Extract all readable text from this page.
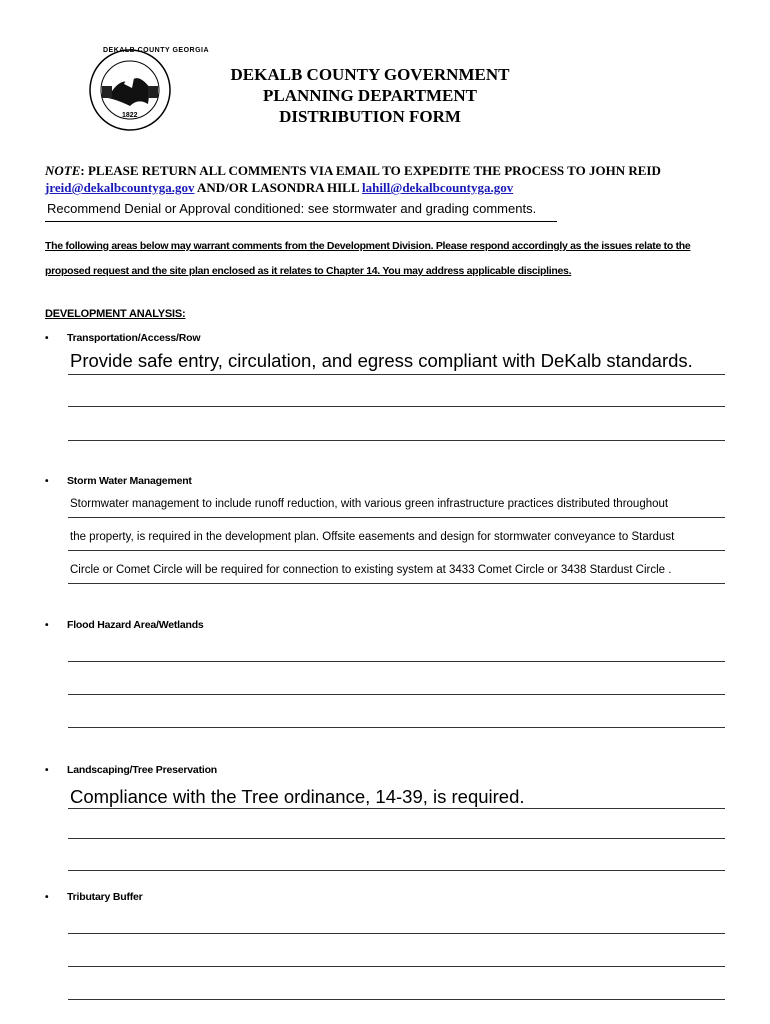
DEKALB COUNTY GEORGIA
1822
DEKALB COUNTY GOVERNMENT
PLANNING DEPARTMENT
DISTRIBUTION FORM
NOTE: PLEASE RETURN ALL COMMENTS VIA EMAIL TO EXPEDITE THE PROCESS TO JOHN REID
jreid@dekalbcountyga.gov AND/OR LASONDRA HILL lahill@dekalbcountyga.gov
Recommend Denial or Approval conditioned: see stormwater and grading comments.
The following areas below may warrant comments from the Development Division. Please respond accordingly as the issues relate to the
proposed request and the site plan enclosed as it relates to Chapter 14. You may address applicable disciplines.
DEVELOPMENT ANALYSIS:
• Transportation/Access/Row
Provide safe entry, circulation, and egress compliant with DeKalb standards.
• Storm Water Management
Stormwater management to include runoff reduction, with various green infrastructure practices distributed throughout
the property, is required in the development plan. Offsite easements and design for stormwater conveyance to Stardust
Circle or Comet Circle will be required for connection to existing system at 3433 Comet Circle or 3438 Stardust Circle .
• Flood Hazard Area/Wetlands
• Landscaping/Tree Preservation
Compliance with the Tree ordinance, 14-39, is required.
• Tributary Buffer
